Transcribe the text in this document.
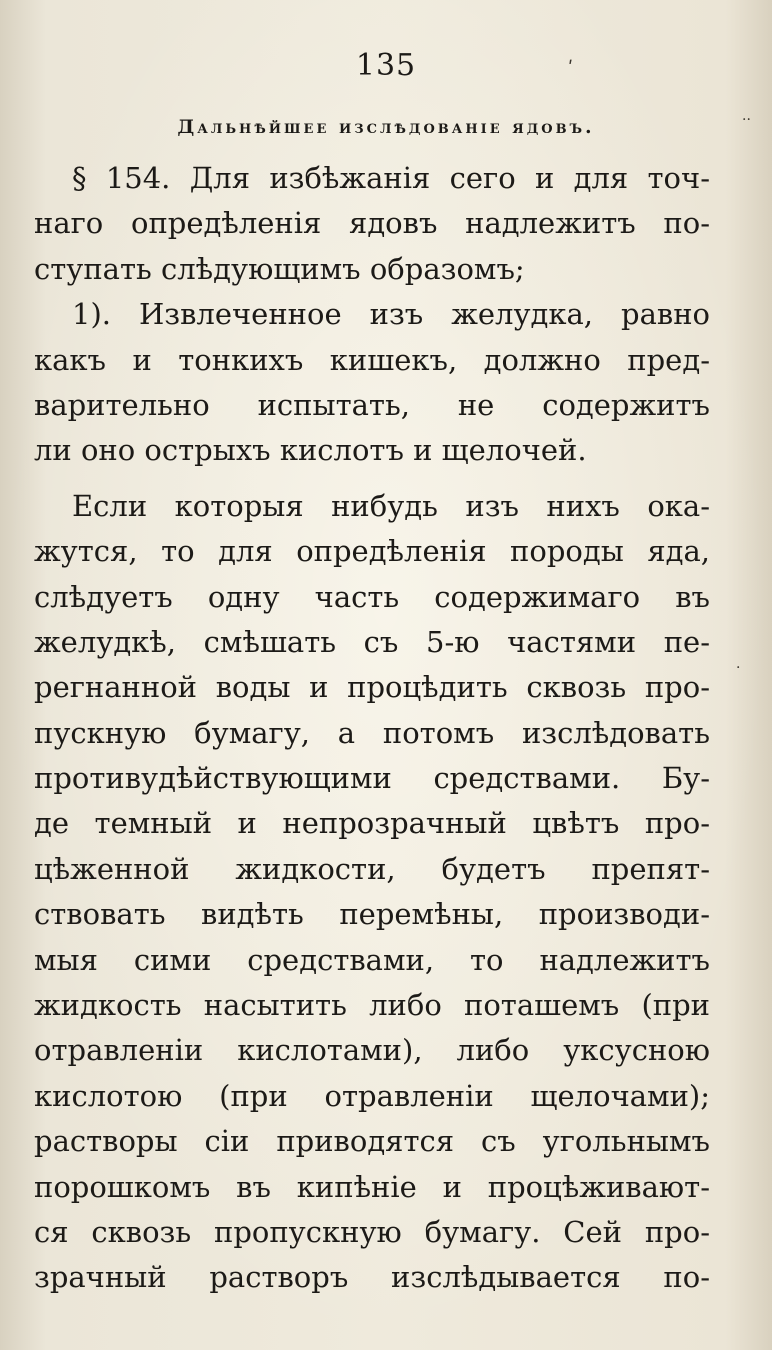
135
Дальнѣйшее изслѣдованіе ядовъ.
§ 154. Для избѣжанія сего и для точ-
наго опредѣленія ядовъ надлежитъ по-
ступать слѣдующимъ образомъ;
1). Извлеченное изъ желудка, равно
какъ и тонкихъ кишекъ, должно пред-
варительно испытать, не содержитъ
ли оно острыхъ кислотъ и щелочей.
Если которыя нибудь изъ нихъ ока-
жутся, то для опредѣленія породы яда,
слѣдуетъ одну часть содержимаго въ
желудкѣ, смѣшать съ 5-ю частями пе-
регнанной воды и процѣдить сквозь про-
пускную бумагу, а потомъ изслѣдовать
противудѣйствующими средствами. Бу-
де темный и непрозрачный цвѣтъ про-
цѣженной жидкости, будетъ препят-
ствовать видѣть перемѣны, производи-
мыя сими средствами, то надлежитъ
жидкость насытить либо поташемъ (при
отравленіи кислотами), либо уксусною
кислотою (при отравленіи щелочами);
растворы сіи приводятся съ угольнымъ
порошкомъ въ кипѣніе и процѣживают-
ся сквозь пропускную бумагу. Сей про-
зрачный растворъ изслѣдывается по-
ʹ
··
·
